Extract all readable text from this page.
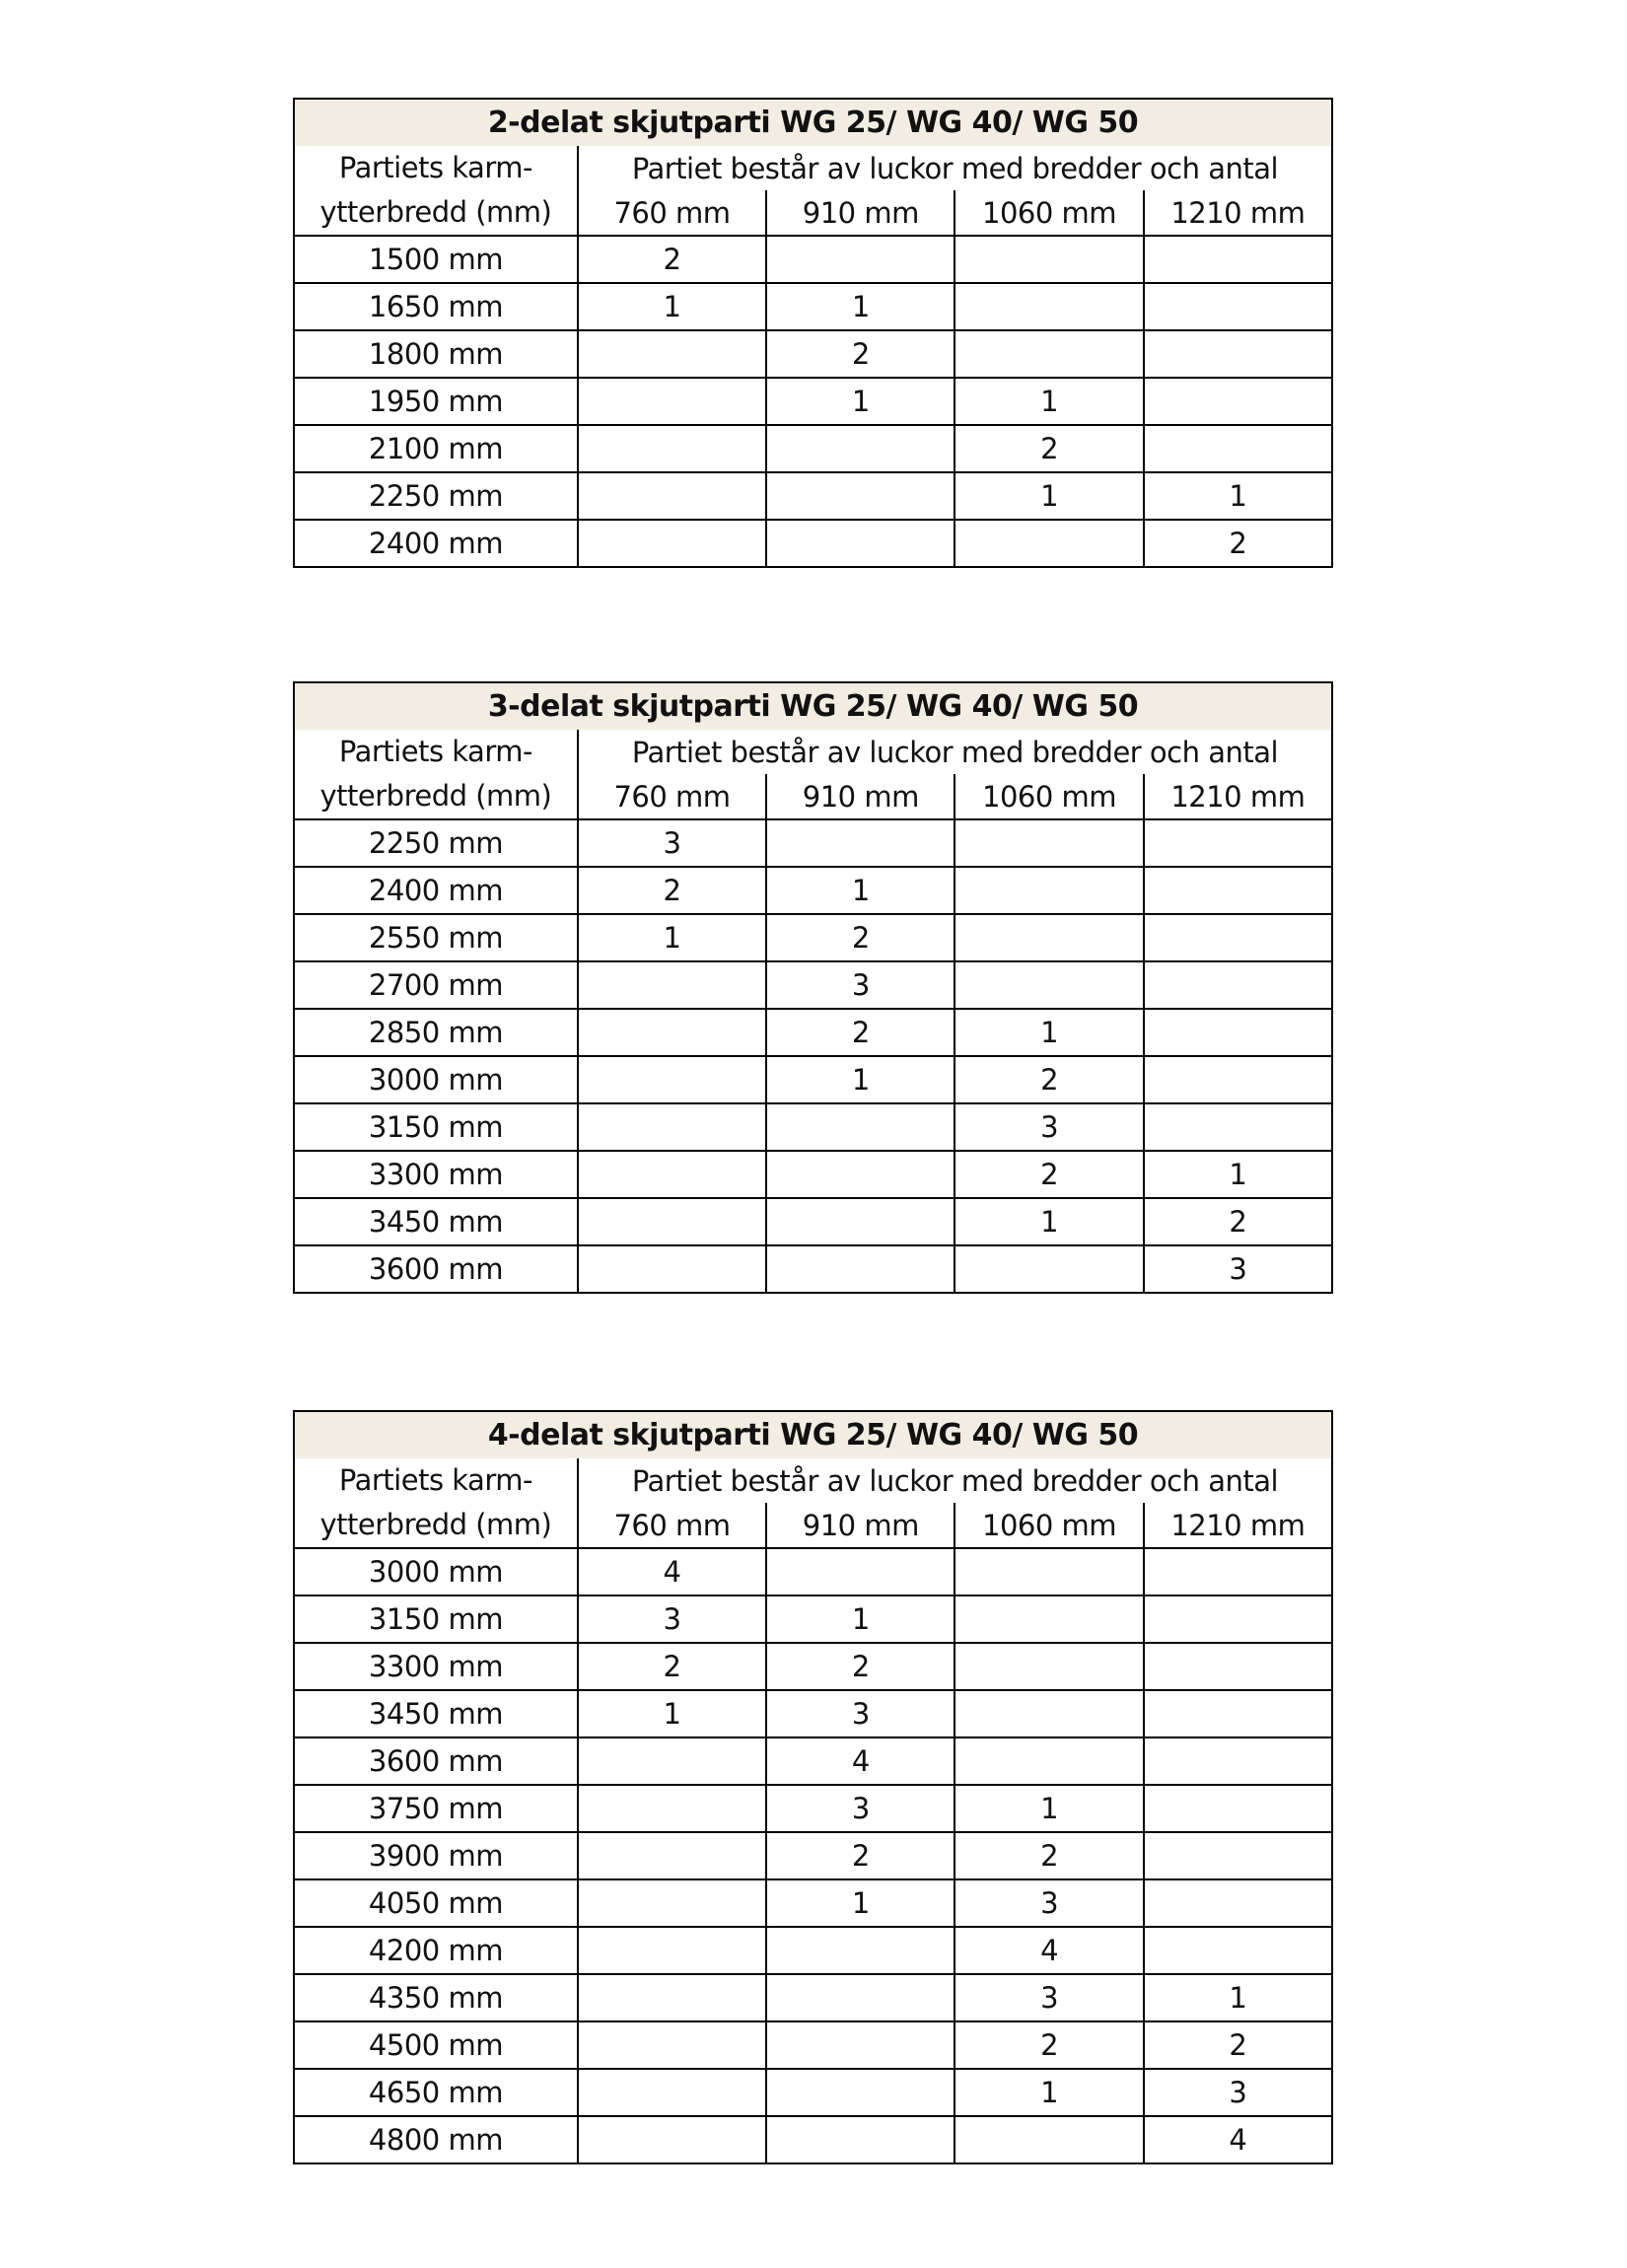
2-delat skjutparti WG 25/ WG 40/ WG 50				

Partiets karm-
ytterbredd (mm)	Partiet består av luckor med bredder och antal			
	760 mm	910 mm	1060 mm	1210 mm
1500 mm	2			
1650 mm	1	1		
1800 mm		2		
1950 mm		1	1	
2100 mm			2	
2250 mm			1	1
2400 mm				2
3-delat skjutparti WG 25/ WG 40/ WG 50				

Partiets karm-
ytterbredd (mm)	Partiet består av luckor med bredder och antal			
	760 mm	910 mm	1060 mm	1210 mm
2250 mm	3			
2400 mm	2	1		
2550 mm	1	2		
2700 mm		3		
2850 mm		2	1	
3000 mm		1	2	
3150 mm			3	
3300 mm			2	1
3450 mm			1	2
3600 mm				3
4-delat skjutparti WG 25/ WG 40/ WG 50				

Partiets karm-
ytterbredd (mm)	Partiet består av luckor med bredder och antal			
	760 mm	910 mm	1060 mm	1210 mm
3000 mm	4			
3150 mm	3	1		
3300 mm	2	2		
3450 mm	1	3		
3600 mm		4		
3750 mm		3	1	
3900 mm		2	2	
4050 mm		1	3	
4200 mm			4	
4350 mm			3	1
4500 mm			2	2
4650 mm			1	3
4800 mm				4
